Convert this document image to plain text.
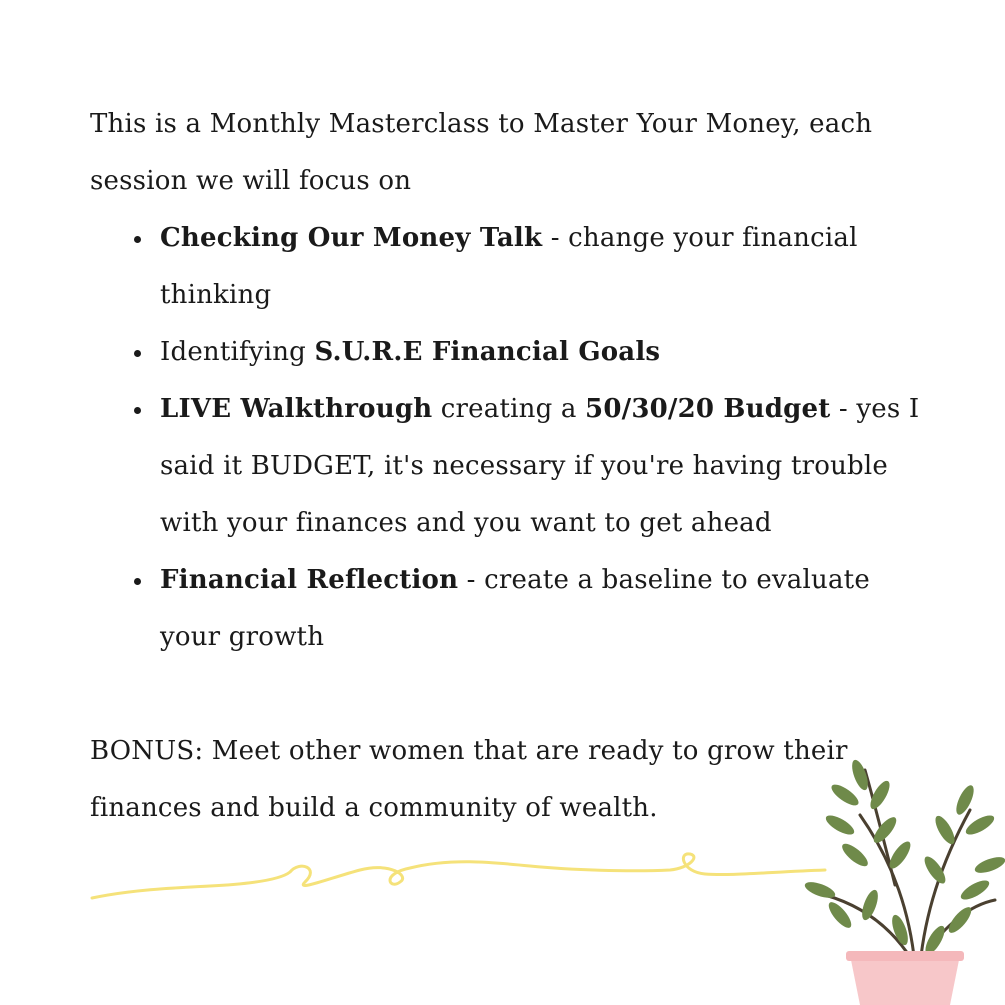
This is a Monthly Masterclass to Master Your Money, each session we will focus on

Checking Our Money Talk - change your financial thinking
Identifying S.U.R.E Financial Goals
LIVE Walkthrough creating a 50/30/20 Budget - yes I said it BUDGET, it's necessary if you're having trouble with your finances and you want to get ahead
Financial Reflection - create a baseline to evaluate your growth

BONUS: Meet other women that are ready to grow their finances and build a community of wealth.
